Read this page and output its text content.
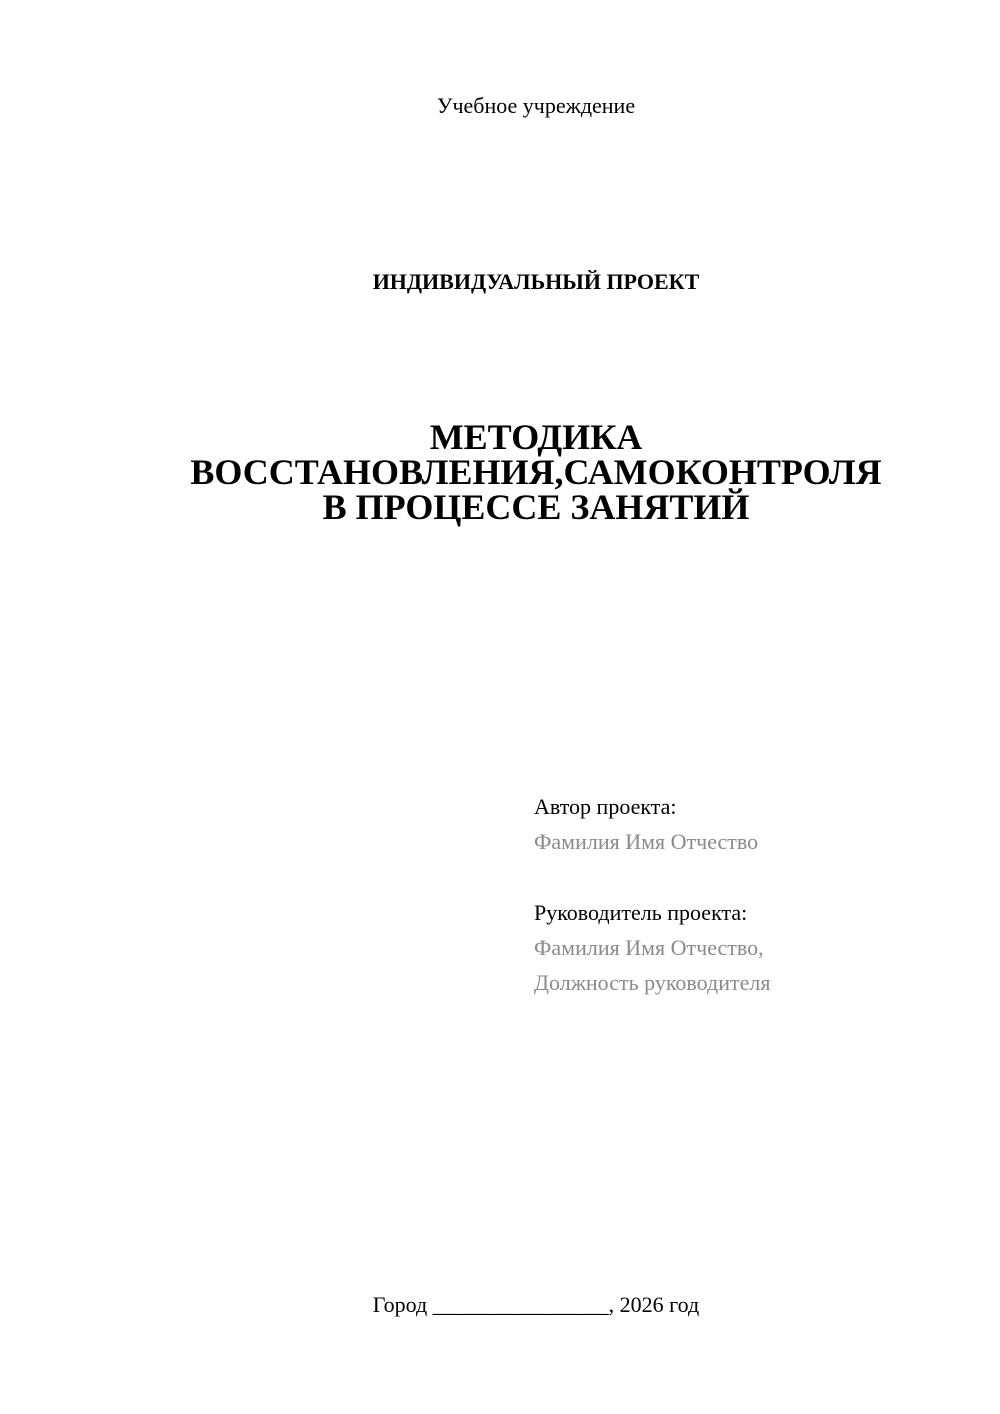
Учебное учреждение
ИНДИВИДУАЛЬНЫЙ ПРОЕКТ
МЕТОДИКА
ВОССТАНОВЛЕНИЯ,САМОКОНТРОЛЯ
В ПРОЦЕССЕ ЗАНЯТИЙ
Автор проекта:
Фамилия Имя Отчество
Руководитель проекта:
Фамилия Имя Отчество,
Должность руководителя
Город ________________, 2026 год
